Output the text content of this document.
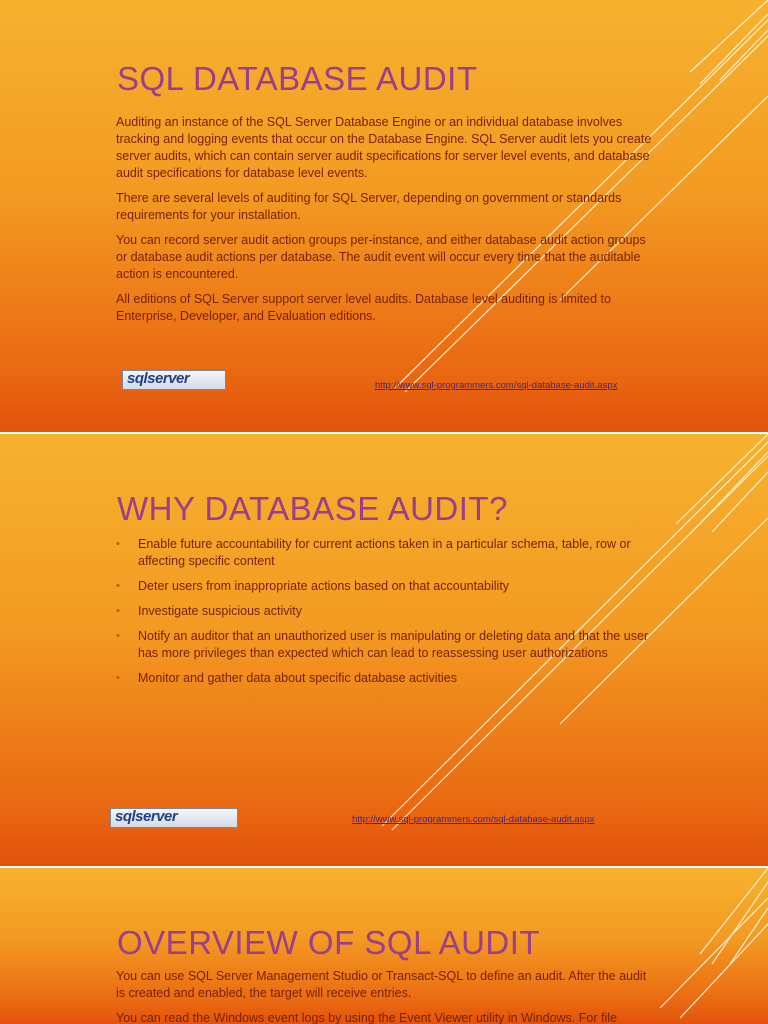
SQL DATABASE AUDIT

Auditing an instance of the SQL Server Database Engine or an individual database involves tracking and logging events that occur on the Database Engine. SQL Server audit lets you create server audits, which can contain server audit specifications for server level events, and database audit specifications for database level events.

There are several levels of auditing for SQL Server, depending on government or standards requirements for your installation.

You can record server audit action groups per-instance, and either database audit action groups or database audit actions per database. The audit event will occur every time that the auditable action is encountered.

All editions of SQL Server support server level audits. Database level auditing is limited to Enterprise, Developer, and Evaluation editions.

sqlserver	http://www.sql-programmers.com/sql-database-audit.aspx
WHY DATABASE AUDIT?
• Enable future accountability for current actions taken in a particular schema, table, row or affecting specific content
• Deter users from inappropriate actions based on that accountability
• Investigate suspicious activity
• Notify an auditor that an unauthorized user is manipulating or deleting data and that the user has more privileges than expected which can lead to reassessing user authorizations
• Monitor and gather data about specific database activities
sqlserver	http://www.sql-programmers.com/sql-database-audit.aspx
OVERVIEW OF SQL AUDIT

You can use SQL Server Management Studio or Transact-SQL to define an audit. After the audit is created and enabled, the target will receive entries.

You can read the Windows event logs by using the Event Viewer utility in Windows. For file
